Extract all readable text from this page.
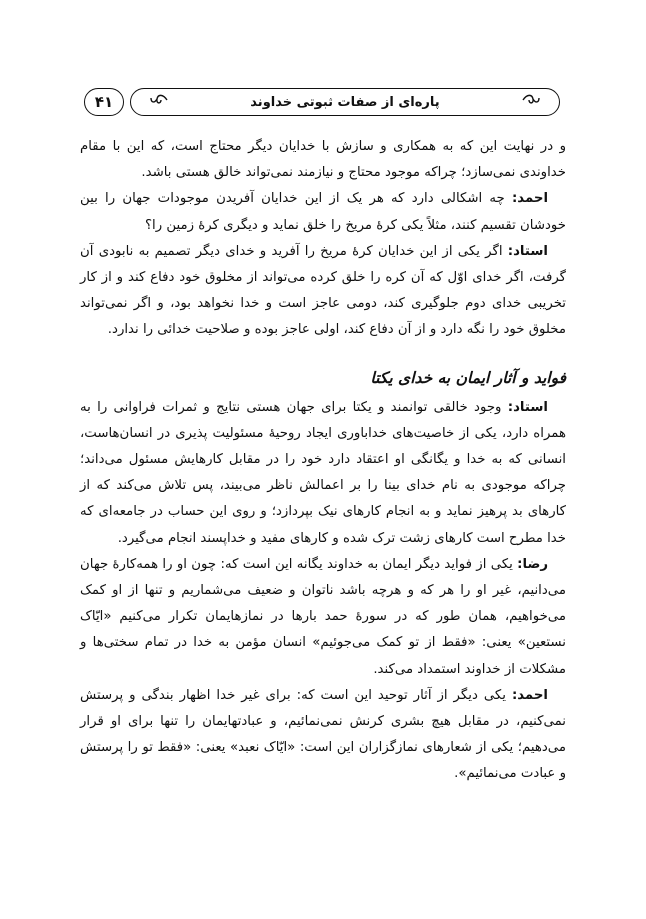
۴۱	پاره‌ای از صفات ثبوتی خداوند

و در نهایت این که به همکاری و سازش با خدایان دیگر محتاج است، که این با مقام خداوندی نمی‌سازد؛ چراکه موجود محتاج و نیازمند نمی‌تواند خالق هستی باشد.

احمد: چه اشکالی دارد که هر یک از این خدایان آفریدن موجودات جهان را بین خودشان تقسیم کنند، مثلاً یکی کرهٔ مریخ را خلق نماید و دیگری کرهٔ زمین را؟

استاد: اگر یکی از این خدایان کرهٔ مریخ را آفرید و خدای دیگر تصمیم به نابودی آن گرفت، اگر خدای اوّل که آن کره را خلق کرده می‌تواند از مخلوق خود دفاع کند و از کار تخریبی خدای دوم جلوگیری کند، دومی عاجز است و خدا نخواهد بود، و اگر نمی‌تواند مخلوق خود را نگه دارد و از آن دفاع کند، اولی عاجز بوده و صلاحیت خدائی را ندارد.

فواید و آثار ایمان به خدای یکتا

استاد: وجود خالقی توانمند و یکتا برای جهان هستی نتایج و ثمرات فراوانی را به همراه دارد، یکی از خاصیت‌های خداباوری ایجاد روحیهٔ مسئولیت پذیری در انسان‌هاست، انسانی که به خدا و یگانگی او اعتقاد دارد خود را در مقابل کارهایش مسئول می‌داند؛ چراکه موجودی به نام خدای بینا را بر اعمالش ناظر می‌بیند، پس تلاش می‌کند که از کارهای بد پرهیز نماید و به انجام کارهای نیک بپردازد؛ و روی این حساب در جامعه‌ای که خدا مطرح است کارهای زشت ترک شده و کارهای مفید و خداپسند انجام می‌گیرد.

رضا: یکی از فواید دیگر ایمان به خداوند یگانه این است که: چون او را همه‌کارهٔ جهان می‌دانیم، غیر او را هر که و هرچه باشد ناتوان و ضعیف می‌شماریم و تنها از او کمک می‌خواهیم، همان طور که در سورهٔ حمد بارها در نمازهایمان تکرار می‌کنیم «ایّاک نستعین» یعنی: «فقط از تو کمک می‌جوئیم» انسان مؤمن به خدا در تمام سختی‌ها و مشکلات از خداوند استمداد می‌کند.

احمد: یکی دیگر از آثار توحید این است که: برای غیر خدا اظهار بندگی و پرستش نمی‌کنیم، در مقابل هیچ بشری کرنش نمی‌نمائیم، و عبادتهایمان را تنها برای او قرار می‌دهیم؛ یکی از شعارهای نمازگزاران این است: «ایّاک نعبد» یعنی: «فقط تو را پرستش و عبادت می‌نمائیم».
